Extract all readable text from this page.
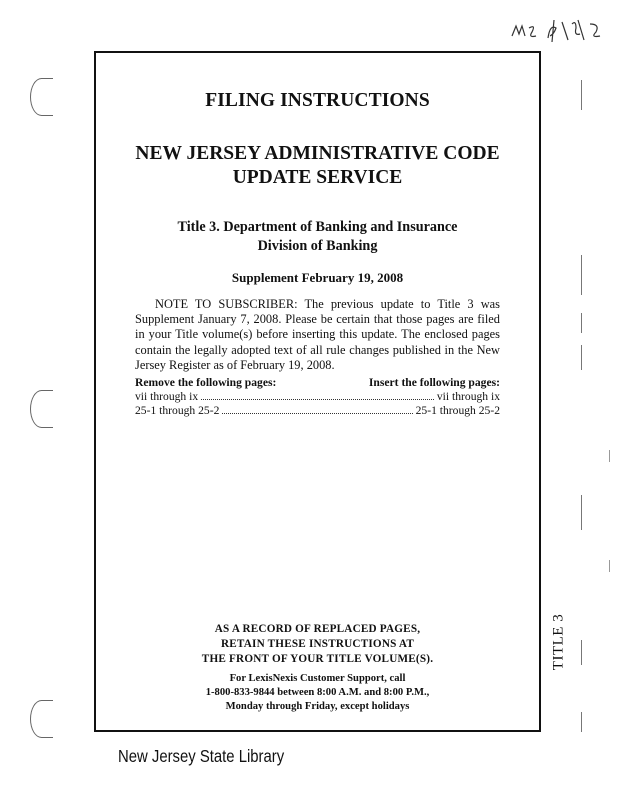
FILING INSTRUCTIONS
NEW JERSEY ADMINISTRATIVE CODE
UPDATE SERVICE
Title 3. Department of Banking and Insurance
Division of Banking
Supplement February 19, 2008
NOTE TO SUBSCRIBER: The previous update to Title 3 was Supplement January 7, 2008. Please be certain that those pages are filed in your Title volume(s) before inserting this update. The enclosed pages contain the legally adopted text of all rule changes published in the New Jersey Register as of February 19, 2008.
Remove the following pages:	Insert the following pages:
vii through ix	vii through ix
25-1 through 25-2	25-1 through 25-2
AS A RECORD OF REPLACED PAGES,
RETAIN THESE INSTRUCTIONS AT
THE FRONT OF YOUR TITLE VOLUME(S).
For LexisNexis Customer Support, call
1-800-833-9844 between 8:00 A.M. and 8:00 P.M.,
Monday through Friday, except holidays
TITLE 3
New Jersey State Library
